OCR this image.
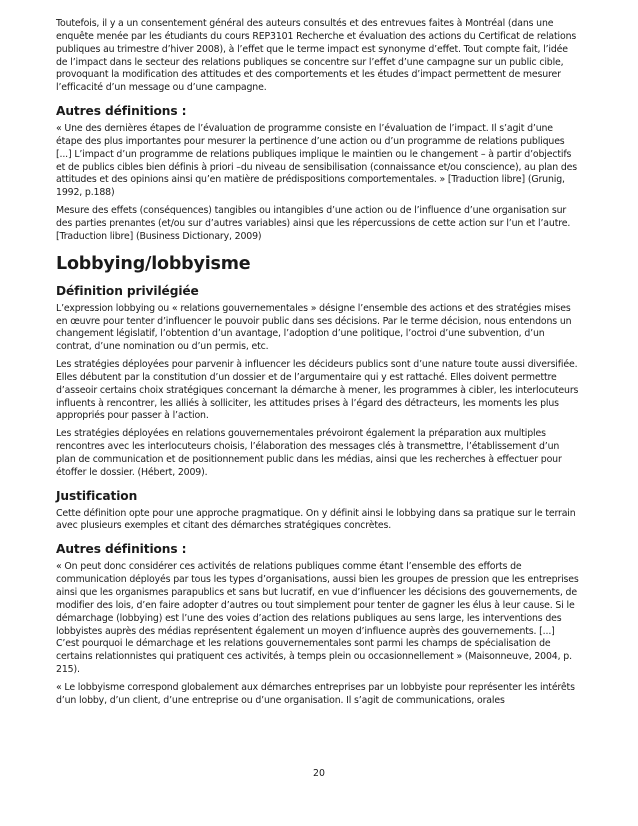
Toutefois, il y a un consentement général des auteurs consultés et des entrevues faites à Montréal (dans une enquête menée par les étudiants du cours REP3101 Recherche et évaluation des actions du Certificat de relations publiques au trimestre d’hiver 2008), à l’effet que le terme impact est synonyme d’effet. Tout compte fait, l’idée de l’impact dans le secteur des relations publiques se concentre sur l’effet d’une campagne sur un public cible, provoquant la modification des attitudes et des comportements et les études d’impact permettent de mesurer l’efficacité d’un message ou d’une campagne.

Autres définitions :

« Une des dernières étapes de l’évaluation de programme consiste en l’évaluation de l’impact. Il s’agit d’une étape des plus importantes pour mesurer la pertinence d’une action ou d’un programme de relations publiques [...] L’impact d’un programme de relations publiques implique le maintien ou le changement – à partir d’objectifs et de publics cibles bien définis à priori –du niveau de sensibilisation (connaissance et/ou conscience), au plan des attitudes et des opinions ainsi qu’en matière de prédispositions comportementales. » [Traduction libre] (Grunig, 1992, p.188)

Mesure des effets (conséquences) tangibles ou intangibles d’une action ou de l’influence d’une organisation sur des parties prenantes (et/ou sur d’autres variables) ainsi que les répercussions de cette action sur l’un et l’autre. [Traduction libre] (Business Dictionary, 2009)

Lobbying/lobbyisme
Définition privilégiée

L’expression lobbying ou « relations gouvernementales » désigne l’ensemble des actions et des stratégies mises en œuvre pour tenter d’influencer le pouvoir public dans ses décisions. Par le terme décision, nous entendons un changement législatif, l’obtention d’un avantage, l’adoption d’une politique, l’octroi d’une subvention, d’un contrat, d’une nomination ou d’un permis, etc.

Les stratégies déployées pour parvenir à influencer les décideurs publics sont d’une nature toute aussi diversifiée. Elles débutent par la constitution d’un dossier et de l’argumentaire qui y est rattaché. Elles doivent permettre d’asseoir certains choix stratégiques concernant la démarche à mener, les programmes à cibler, les interlocuteurs influents à rencontrer, les alliés à solliciter, les attitudes prises à l’égard des détracteurs, les moments les plus appropriés pour passer à l’action.

Les stratégies déployées en relations gouvernementales prévoiront également la préparation aux multiples rencontres avec les interlocuteurs choisis, l’élaboration des messages clés à transmettre, l’établissement d’un plan de communication et de positionnement public dans les médias, ainsi que les recherches à effectuer pour étoffer le dossier. (Hébert, 2009).

Justification

Cette définition opte pour une approche pragmatique. On y définit ainsi le lobbying dans sa pratique sur le terrain avec plusieurs exemples et citant des démarches stratégiques concrètes.

Autres définitions :

« On peut donc considérer ces activités de relations publiques comme étant l’ensemble des efforts de communication déployés par tous les types d’organisations, aussi bien les groupes de pression que les entreprises ainsi que les organismes parapublics et sans but lucratif, en vue d’influencer les décisions des gouvernements, de modifier des lois, d’en faire adopter d’autres ou tout simplement pour tenter de gagner les élus à leur cause. Si le démarchage (lobbying) est l’une des voies d’action des relations publiques au sens large, les interventions des lobbyistes auprès des médias représentent également un moyen d’influence auprès des gouvernements. [...] C’est pourquoi le démarchage et les relations gouvernementales sont parmi les champs de spécialisation de certains relationnistes qui pratiquent ces activités, à temps plein ou occasionnellement » (Maisonneuve, 2004, p. 215).

« Le lobbyisme correspond globalement aux démarches entreprises par un lobbyiste pour représenter les intérêts d’un lobby, d’un client, d’une entreprise ou d’une organisation. Il s’agit de communications, orales

20
